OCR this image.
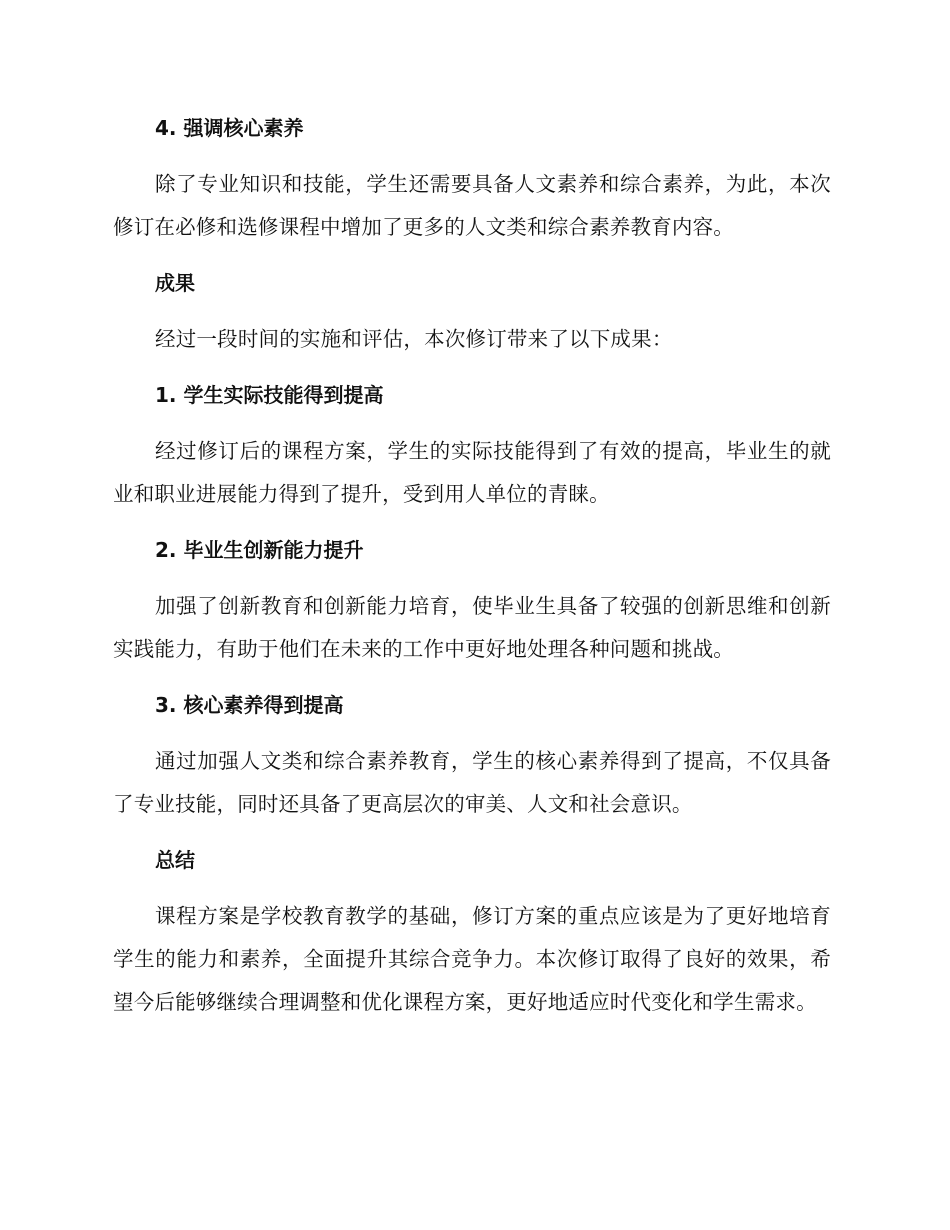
4. 强调核心素养

除了专业知识和技能，学生还需要具备人文素养和综合素养，为此，本次修订在必修和选修课程中增加了更多的人文类和综合素养教育内容。

成果

经过一段时间的实施和评估，本次修订带来了以下成果：

1. 学生实际技能得到提高

经过修订后的课程方案，学生的实际技能得到了有效的提高，毕业生的就业和职业进展能力得到了提升，受到用人单位的青睐。

2. 毕业生创新能力提升

加强了创新教育和创新能力培育，使毕业生具备了较强的创新思维和创新实践能力，有助于他们在未来的工作中更好地处理各种问题和挑战。

3. 核心素养得到提高

通过加强人文类和综合素养教育，学生的核心素养得到了提高，不仅具备了专业技能，同时还具备了更高层次的审美、人文和社会意识。

总结

课程方案是学校教育教学的基础，修订方案的重点应该是为了更好地培育学生的能力和素养，全面提升其综合竞争力。本次修订取得了良好的效果，希望今后能够继续合理调整和优化课程方案，更好地适应时代变化和学生需求。
